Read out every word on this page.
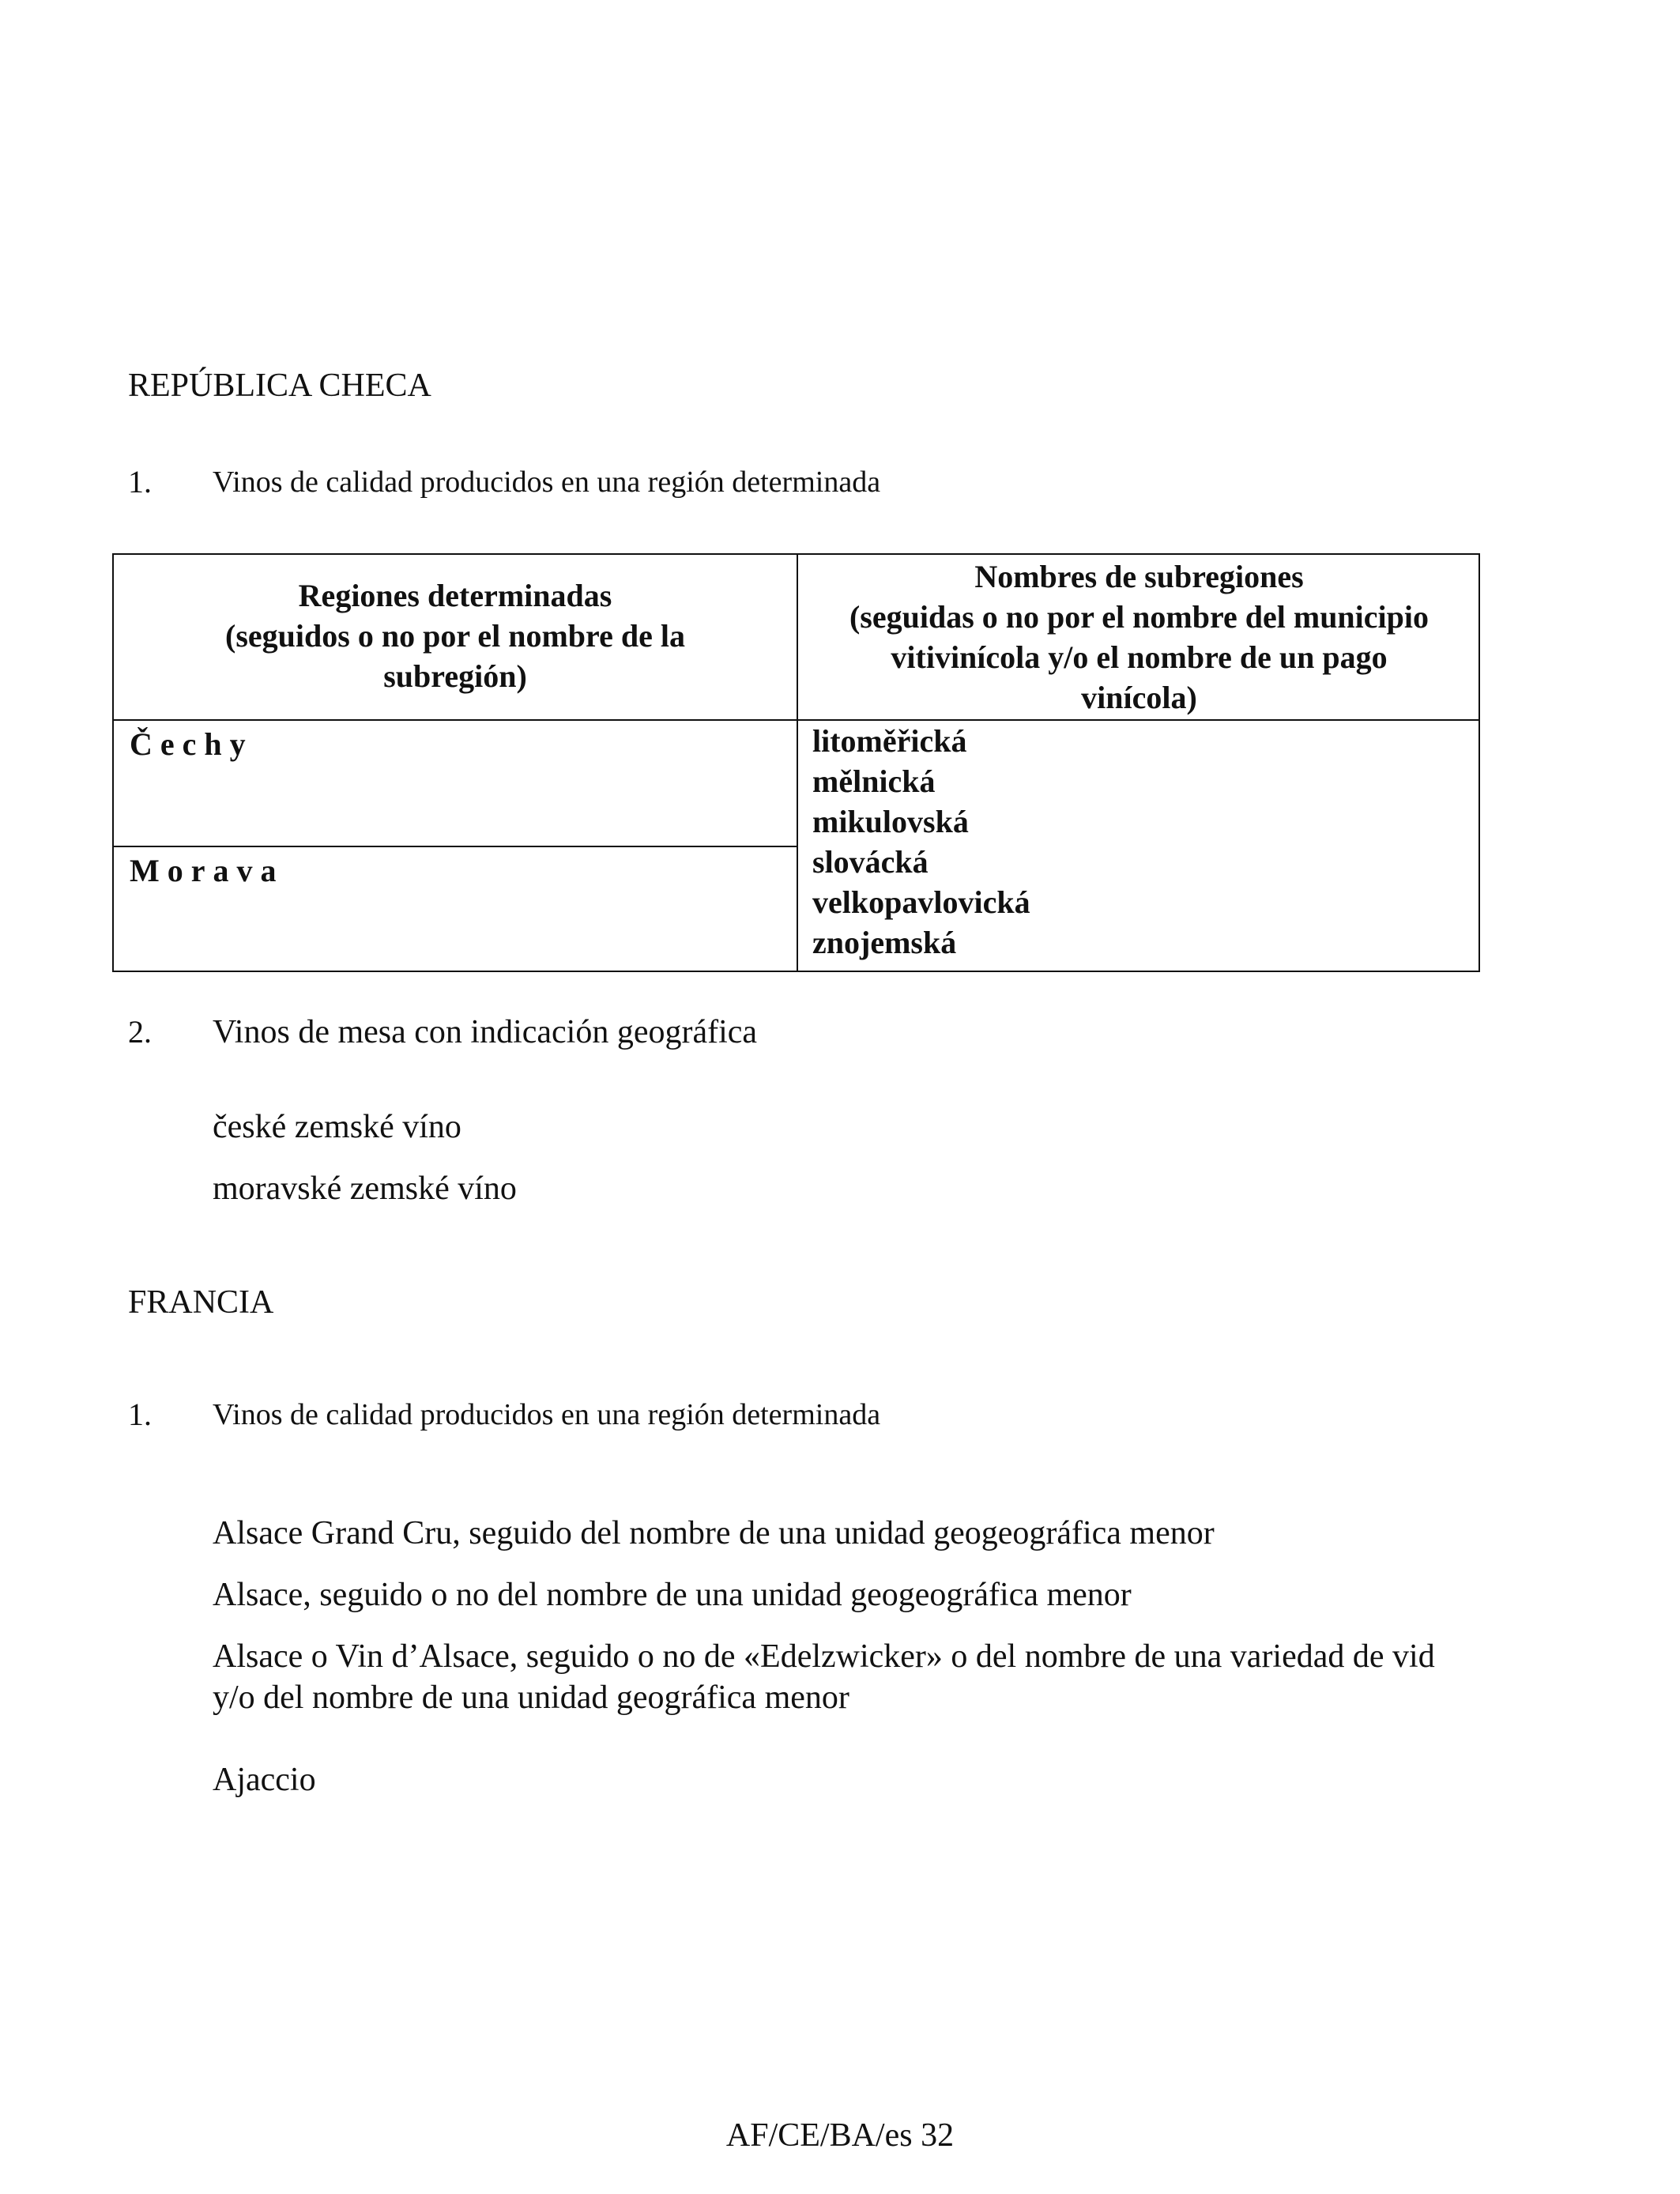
REPÚBLICA CHECA
1. Vinos de calidad producidos en una región determinada
Regiones determinadas
(seguidos o no por el nombre de la
subregión)
Nombres de subregiones
(seguidas o no por el nombre del municipio
vitivinícola y/o el nombre de un pago
vinícola)
Čechy
Morava
litoměřická
mělnická
mikulovská
slovácká
velkopavlovická
znojemská
2. Vinos de mesa con indicación geográfica
české zemské víno
moravské zemské víno
FRANCIA
1. Vinos de calidad producidos en una región determinada
Alsace Grand Cru, seguido del nombre de una unidad geogeográfica menor
Alsace, seguido o no del nombre de una unidad geogeográfica menor
Alsace o Vin d’Alsace, seguido o no de «Edelzwicker» o del nombre de una variedad de vid
y/o del nombre de una unidad geográfica menor
Ajaccio
AF/CE/BA/es 32
